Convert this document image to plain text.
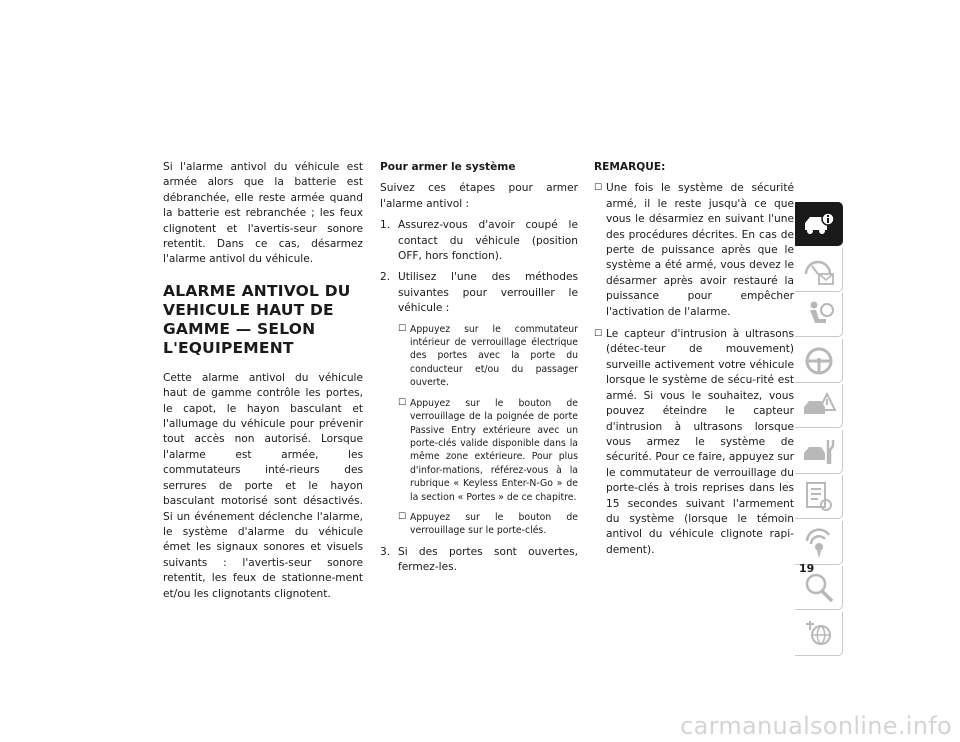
Si l'alarme antivol du véhicule est armée alors que la batterie est débranchée, elle reste armée quand la batterie est rebranchée ; les feux clignotent et l'avertis-seur sonore retentit. Dans ce cas, désarmez l'alarme antivol du véhicule.

ALARME ANTIVOL DU VEHICULE HAUT DE GAMME — SELON L'EQUIPEMENT

Cette alarme antivol du véhicule haut de gamme contrôle les portes, le capot, le hayon basculant et l'allumage du véhicule pour prévenir tout accès non autorisé. Lorsque l'alarme est armée, les commutateurs inté-rieurs des serrures de porte et le hayon basculant motorisé sont désactivés. Si un événement déclenche l'alarme, le système d'alarme du véhicule émet les signaux sonores et visuels suivants : l'avertis-seur sonore retentit, les feux de stationne-ment et/ou les clignotants clignotent.

Pour armer le système

Suivez ces étapes pour armer l'alarme antivol :

1. Assurez-vous d'avoir coupé le contact du véhicule (position OFF, hors fonction).
2. Utilisez l'une des méthodes suivantes pour verrouiller le véhicule :
☐ Appuyez sur le commutateur intérieur de verrouillage électrique des portes avec la porte du conducteur et/ou du passager ouverte.
☐ Appuyez sur le bouton de verrouillage de la poignée de porte Passive Entry extérieure avec un porte-clés valide disponible dans la même zone extérieure. Pour plus d'infor-mations, référez-vous à la rubrique « Keyless Enter-N-Go » de la section « Portes » de ce chapitre.
☐ Appuyez sur le bouton de verrouillage sur le porte-clés.
3. Si des portes sont ouvertes, fermez-les.
REMARQUE:
☐ Une fois le système de sécurité armé, il le reste jusqu'à ce que vous le désarmiez en suivant l'une des procédures décrites. En cas de perte de puissance après que le système a été armé, vous devez le désarmer après avoir restauré la puissance pour empêcher l'activation de l'alarme.
☐ Le capteur d'intrusion à ultrasons (détec-teur de mouvement) surveille activement votre véhicule lorsque le système de sécu-rité est armé. Si vous le souhaitez, vous pouvez éteindre le capteur d'intrusion à ultrasons lorsque vous armez le système de sécurité. Pour ce faire, appuyez sur le commutateur de verrouillage du porte-clés à trois reprises dans les 15 secondes suivant l'armement du système (lorsque le témoin antivol du véhicule clignote rapi-dement).
19
carmanualsonline.info
